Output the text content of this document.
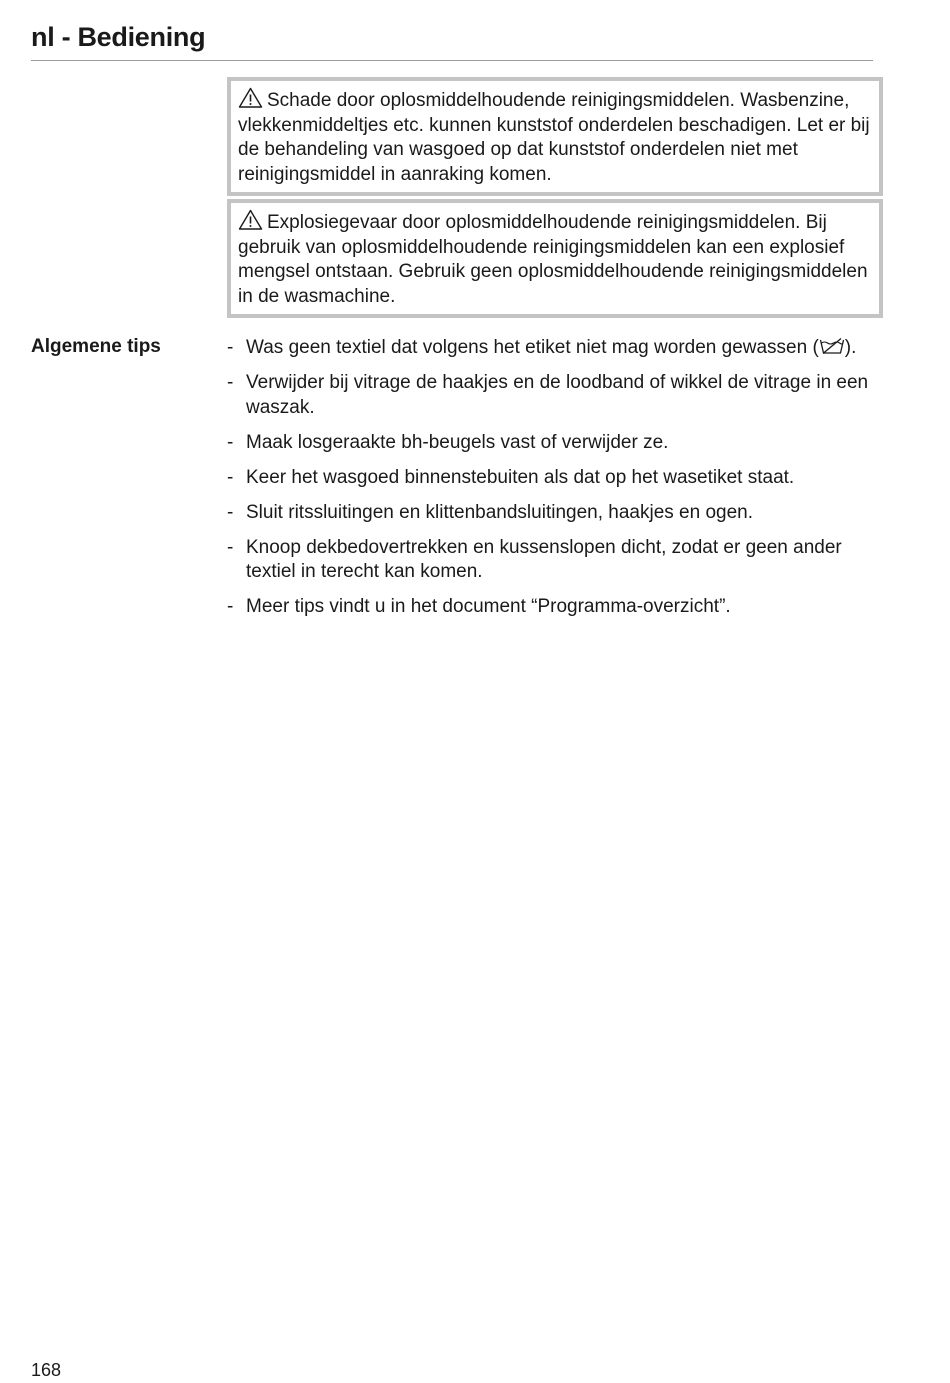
nl - Bediening
Schade door oplosmiddelhoudende reinigingsmiddelen. Wasbenzine, vlekkenmiddeltjes etc. kunnen kunststof onderdelen beschadigen. Let er bij de behandeling van wasgoed op dat kunststof onderdelen niet met reinigingsmiddel in aanraking komen.
Explosiegevaar door oplosmiddelhoudende reinigingsmiddelen. Bij gebruik van oplosmiddelhoudende reinigingsmiddelen kan een explosief mengsel ontstaan. Gebruik geen oplosmiddelhoudende reinigingsmiddelen in de wasmachine.
Algemene tips	- Was geen textiel dat volgens het etiket niet mag worden gewassen ( ).
- Verwijder bij vitrage de haakjes en de loodband of wikkel de vitrage in een waszak.
- Maak losgeraakte bh-beugels vast of verwijder ze.
- Keer het wasgoed binnenstebuiten als dat op het wasetiket staat.
- Sluit ritssluitingen en klittenbandsluitingen, haakjes en ogen.
- Knoop dekbedovertrekken en kussenslopen dicht, zodat er geen ander textiel in terecht kan komen.
- Meer tips vindt u in het document “Programma-overzicht”.

168
